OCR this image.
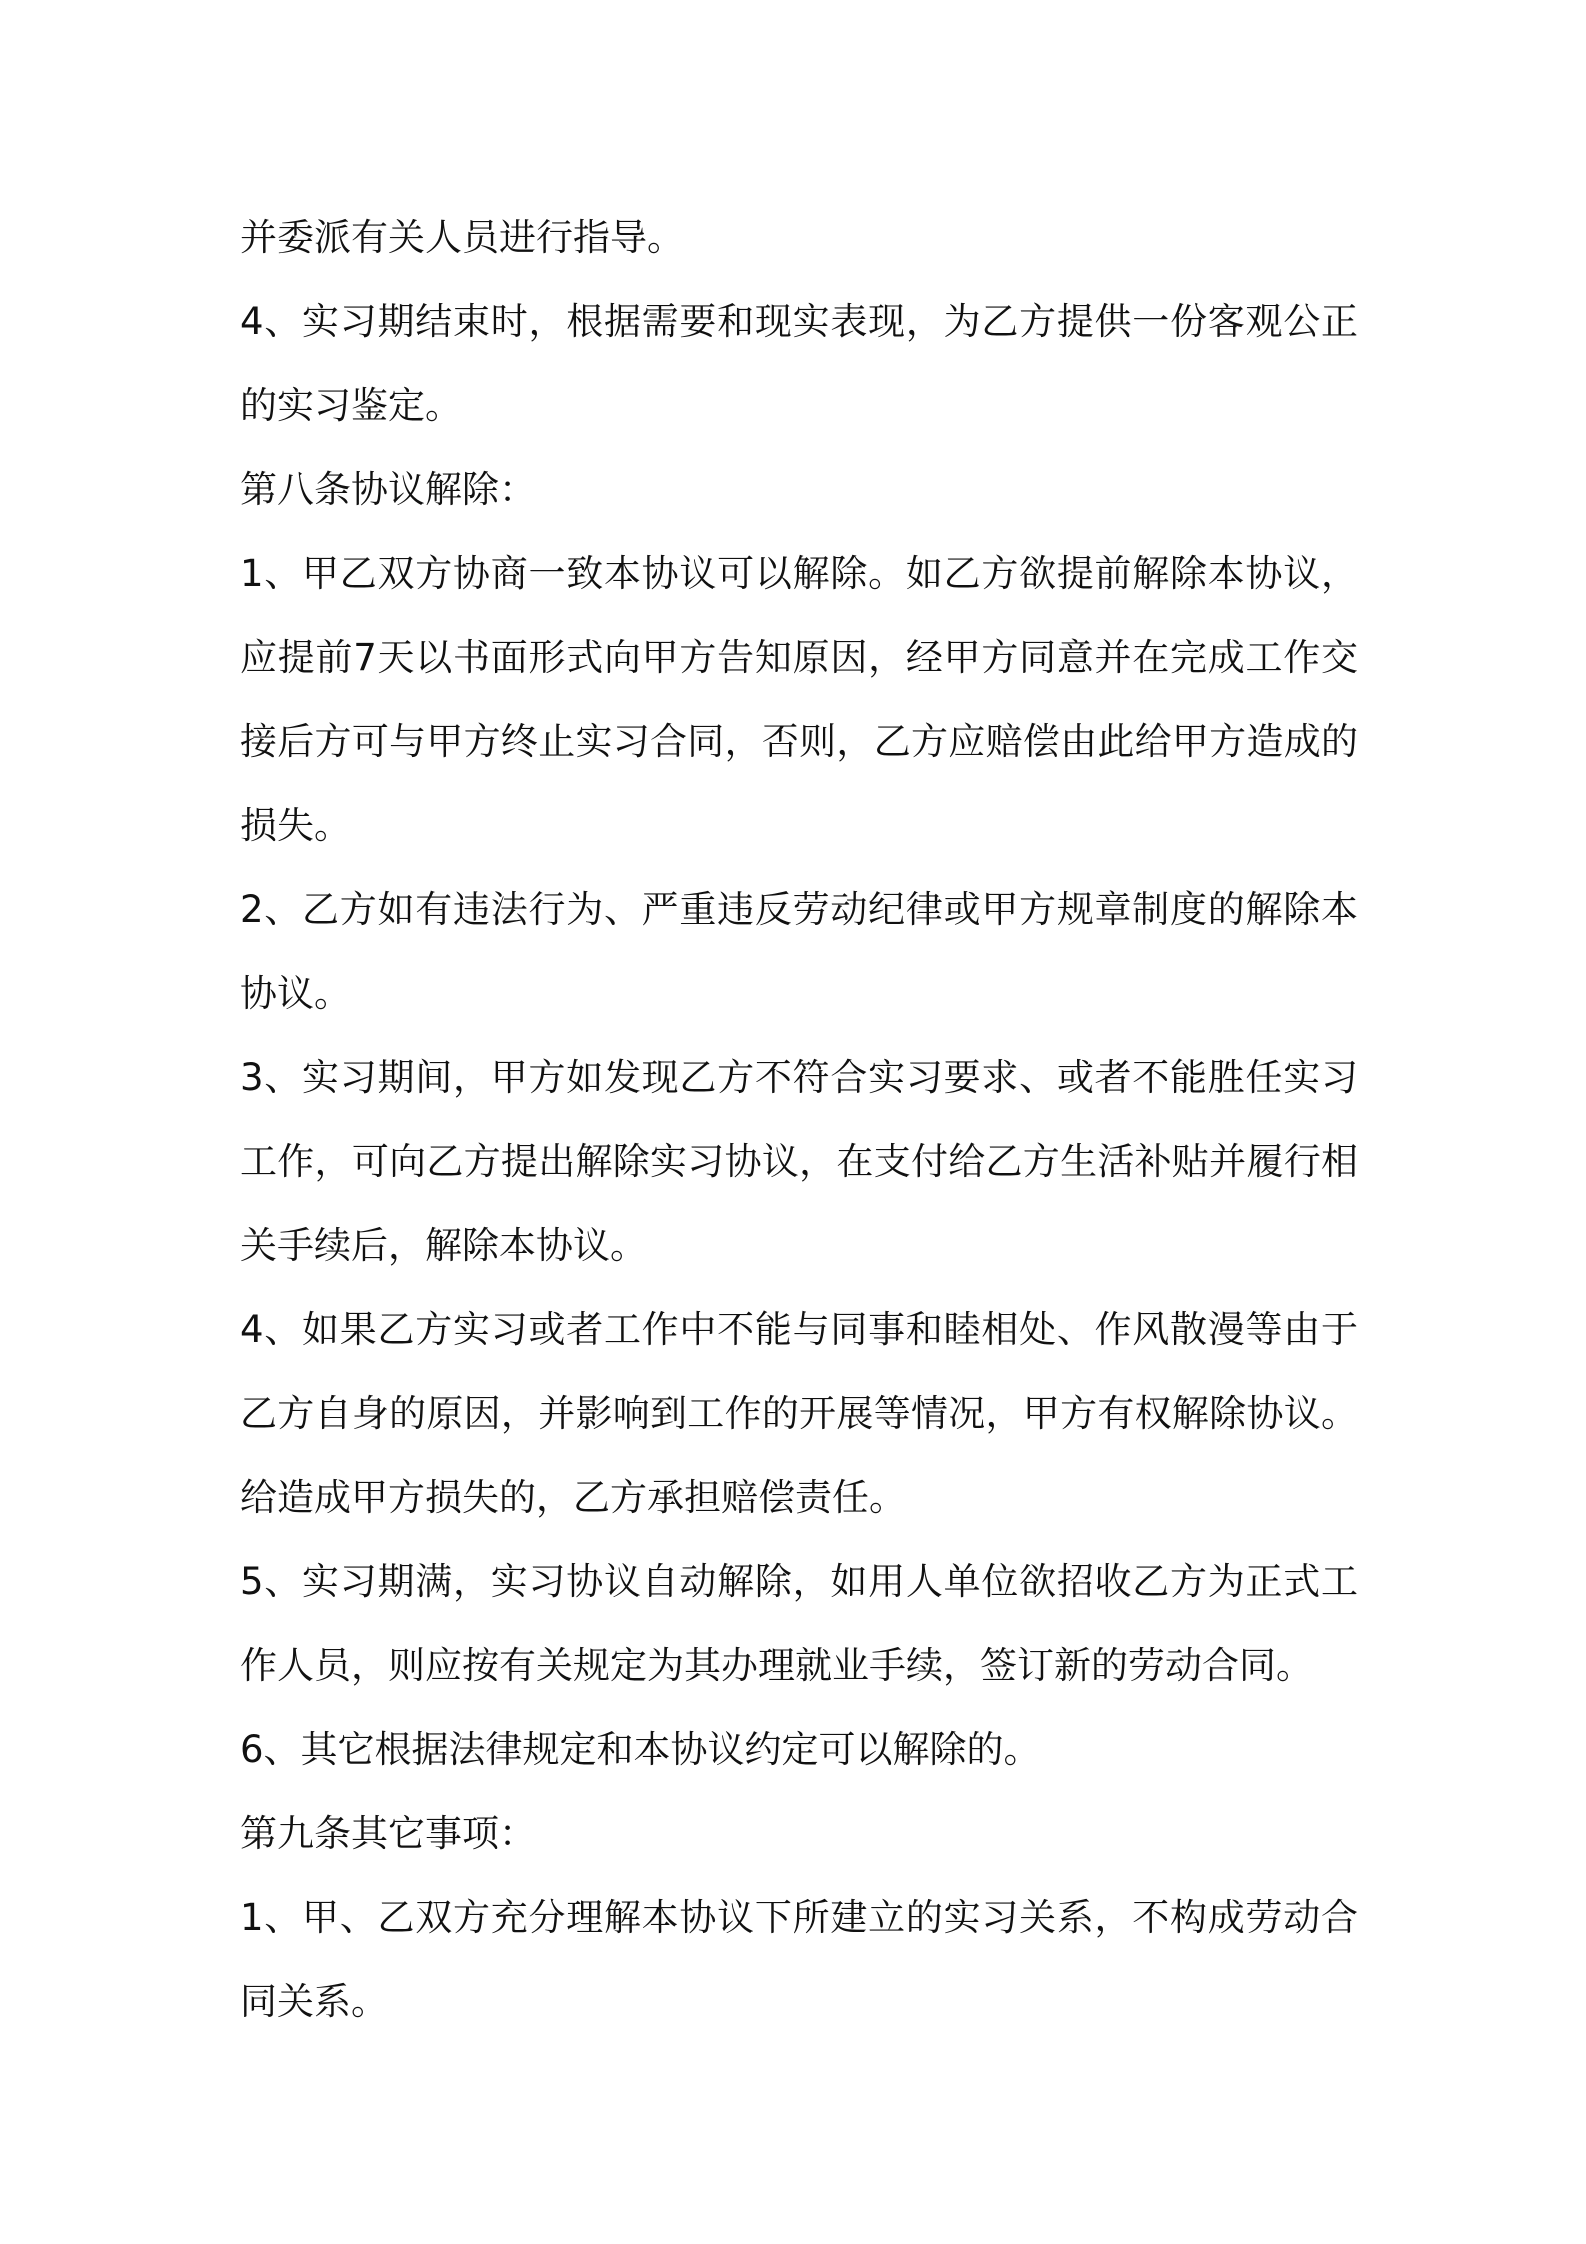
并委派有关人员进行指导。

4、实习期结束时，根据需要和现实表现，为乙方提供一份客观公正的实习鉴定。

第八条协议解除：

1、甲乙双方协商一致本协议可以解除。如乙方欲提前解除本协议，应提前7天以书面形式向甲方告知原因，经甲方同意并在完成工作交接后方可与甲方终止实习合同，否则，乙方应赔偿由此给甲方造成的损失。

2、乙方如有违法行为、严重违反劳动纪律或甲方规章制度的解除本协议。

3、实习期间，甲方如发现乙方不符合实习要求、或者不能胜任实习工作，可向乙方提出解除实习协议，在支付给乙方生活补贴并履行相关手续后，解除本协议。

4、如果乙方实习或者工作中不能与同事和睦相处、作风散漫等由于乙方自身的原因，并影响到工作的开展等情况，甲方有权解除协议。给造成甲方损失的，乙方承担赔偿责任。

5、实习期满，实习协议自动解除，如用人单位欲招收乙方为正式工作人员，则应按有关规定为其办理就业手续，签订新的劳动合同。

6、其它根据法律规定和本协议约定可以解除的。

第九条其它事项：

1、甲、乙双方充分理解本协议下所建立的实习关系，不构成劳动合同关系。
